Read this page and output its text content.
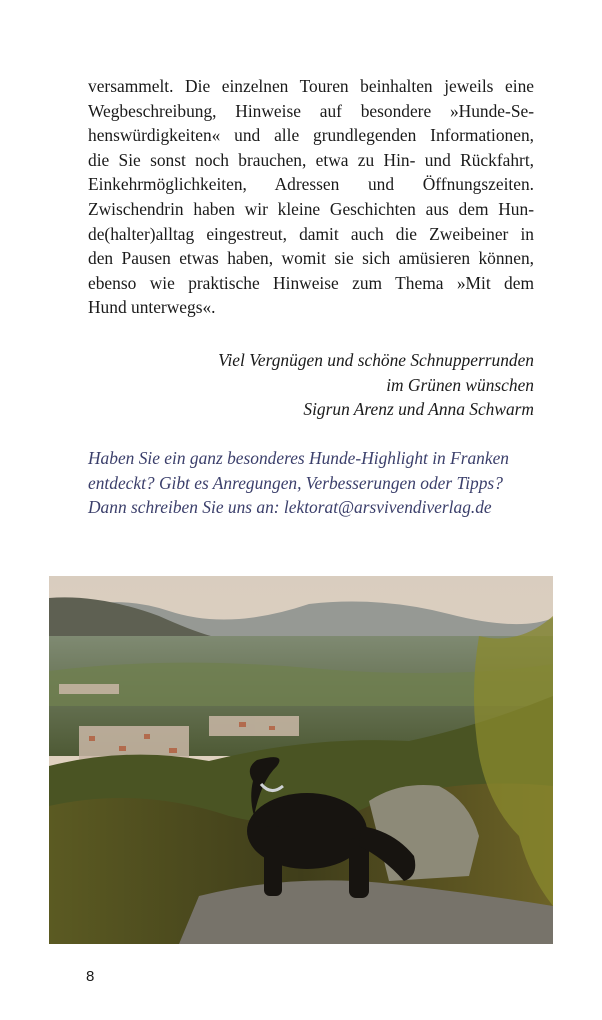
versammelt. Die einzelnen Touren beinhalten jeweils eine
Wegbeschreibung, Hinweise auf besondere »Hunde-Se-
henswürdigkeiten« und alle grundlegenden Informationen,
die Sie sonst noch brauchen, etwa zu Hin- und Rückfahrt,
Einkehrmöglichkeiten, Adressen und Öffnungszeiten.
Zwischendrin haben wir kleine Geschichten aus dem Hun-
de(halter)alltag eingestreut, damit auch die Zweibeiner in
den Pausen etwas haben, womit sie sich amüsieren können,
ebenso wie praktische Hinweise zum Thema »Mit dem
Hund unterwegs«.
Viel Vergnügen und schöne Schnupperrunden
im Grünen wünschen
Sigrun Arenz und Anna Schwarm
Haben Sie ein ganz besonderes Hunde-Highlight in Franken
entdeckt? Gibt es Anregungen, Verbesserungen oder Tipps?
Dann schreiben Sie uns an: lektorat@arsvivendiverlag.de
8
